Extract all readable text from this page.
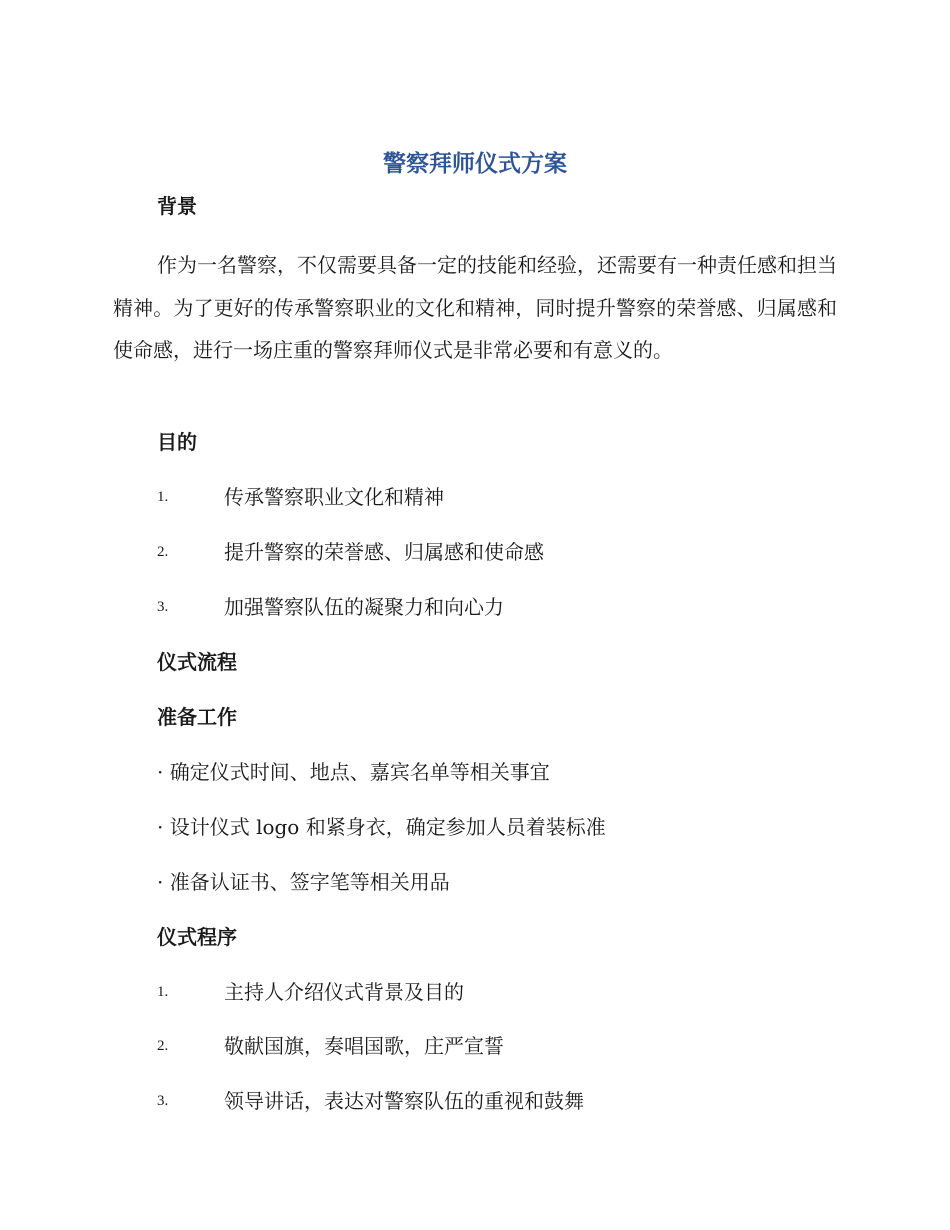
警察拜师仪式方案
背景

作为一名警察，不仅需要具备一定的技能和经验，还需要有一种责任感和担当精神。为了更好的传承警察职业的文化和精神，同时提升警察的荣誉感、归属感和使命感，进行一场庄重的警察拜师仪式是非常必要和有意义的。

目的
1.	传承警察职业文化和精神
2.	提升警察的荣誉感、归属感和使命感
3.	加强警察队伍的凝聚力和向心力
仪式流程
准备工作
· 确定仪式时间、地点、嘉宾名单等相关事宜
· 设计仪式 logo 和紧身衣，确定参加人员着装标准
· 准备认证书、签字笔等相关用品
仪式程序
1.	主持人介绍仪式背景及目的
2.	敬献国旗，奏唱国歌，庄严宣誓
3.	领导讲话，表达对警察队伍的重视和鼓舞
